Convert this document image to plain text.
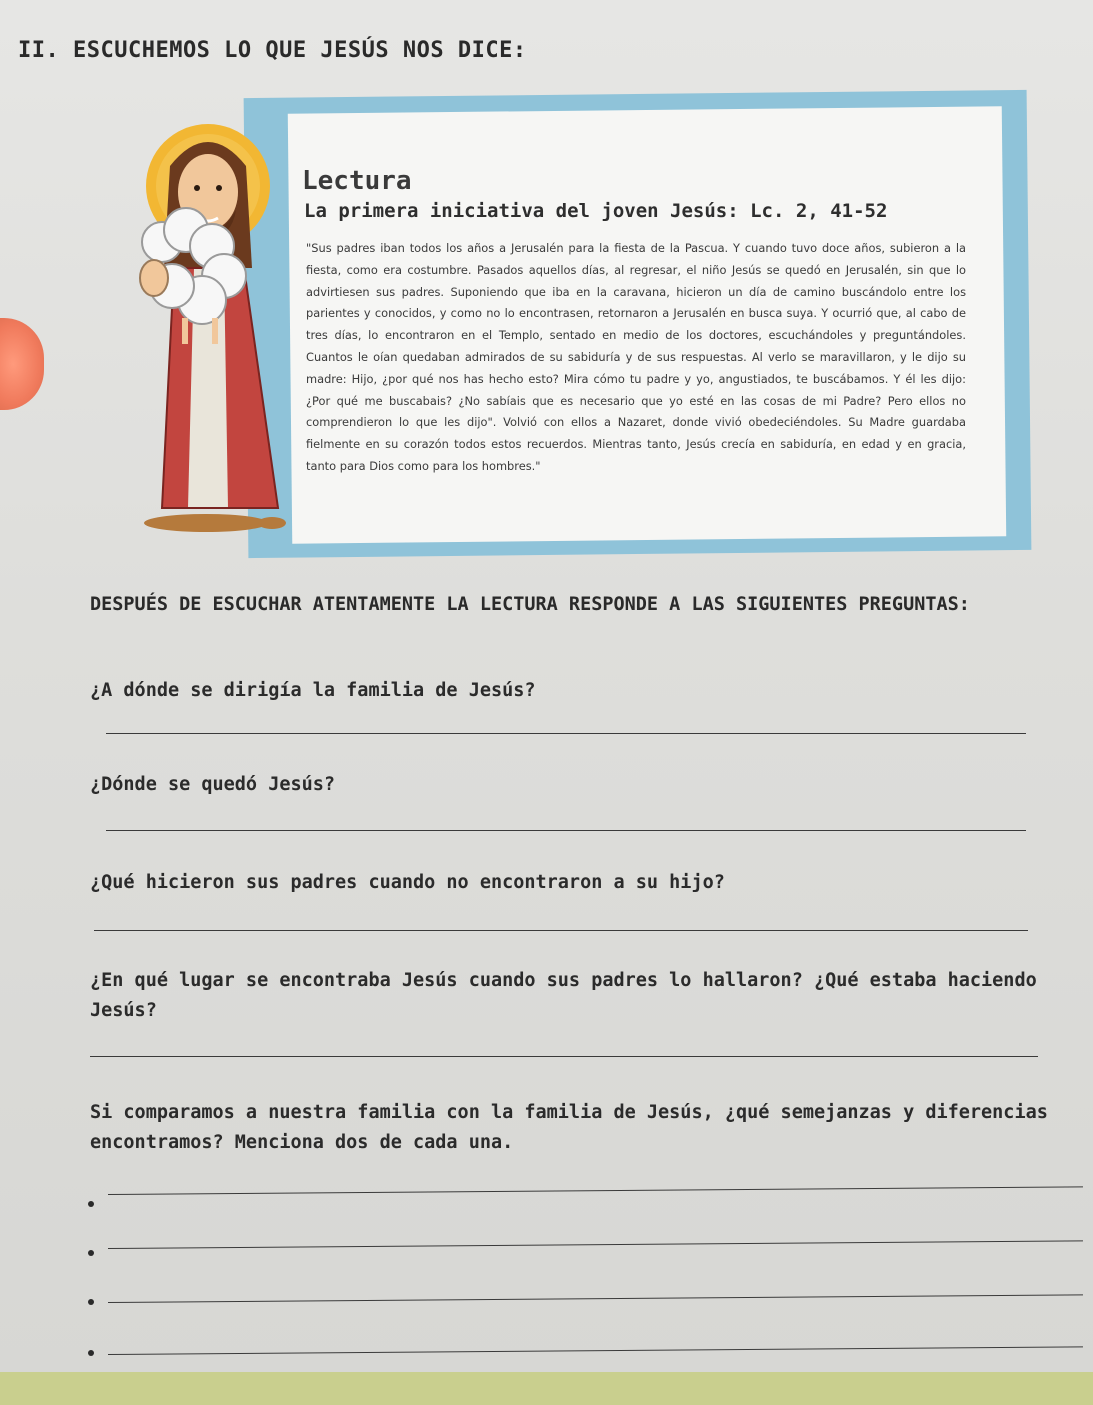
II. ESCUCHEMOS LO QUE JESÚS NOS DICE:
Lectura
La primera iniciativa del joven Jesús: Lc. 2, 41-52
"Sus padres iban todos los años a Jerusalén para la fiesta de la Pascua. Y cuando tuvo doce años, subieron a la fiesta, como era costumbre. Pasados aquellos días, al regresar, el niño Jesús se quedó en Jerusalén, sin que lo advirtiesen sus padres. Suponiendo que iba en la caravana, hicieron un día de camino buscándolo entre los parientes y conocidos, y como no lo encontrasen, retornaron a Jerusalén en busca suya. Y ocurrió que, al cabo de tres días, lo encontraron en el Templo, sentado en medio de los doctores, escuchándoles y preguntándoles. Cuantos le oían quedaban admirados de su sabiduría y de sus respuestas. Al verlo se maravillaron, y le dijo su madre: Hijo, ¿por qué nos has hecho esto? Mira cómo tu padre y yo, angustiados, te buscábamos. Y él les dijo: ¿Por qué me buscabais? ¿No sabíais que es necesario que yo esté en las cosas de mi Padre? Pero ellos no comprendieron lo que les dijo". Volvió con ellos a Nazaret, donde vivió obedeciéndoles. Su Madre guardaba fielmente en su corazón todos estos recuerdos. Mientras tanto, Jesús crecía en sabiduría, en edad y en gracia, tanto para Dios como para los hombres."
DESPUÉS DE ESCUCHAR ATENTAMENTE LA LECTURA RESPONDE A LAS SIGUIENTES PREGUNTAS:
¿A dónde se dirigía la familia de Jesús?
¿Dónde se quedó Jesús?
¿Qué hicieron sus padres cuando no encontraron a su hijo?
¿En qué lugar se encontraba Jesús cuando sus padres lo hallaron? ¿Qué estaba haciendo Jesús?
Si comparamos a nuestra familia con la familia de Jesús, ¿qué semejanzas y diferencias encontramos? Menciona dos de cada una.
